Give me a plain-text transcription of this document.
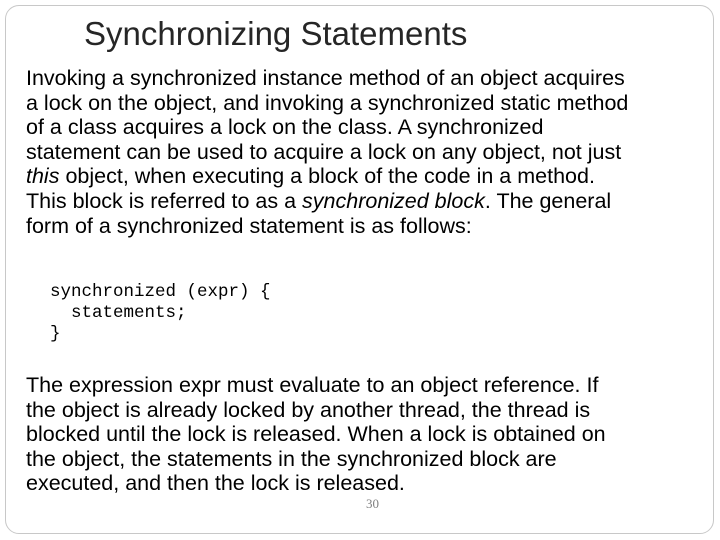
Synchronizing Statements
Invoking a synchronized instance method of an object acquires
a lock on the object, and invoking a synchronized static method
of a class acquires a lock on the class. A synchronized
statement can be used to acquire a lock on any object, not just
this object, when executing a block of the code in a method.
This block is referred to as a synchronized block. The general
form of a synchronized statement is as follows:
synchronized (expr) {
statements;
}
The expression expr must evaluate to an object reference. If
the object is already locked by another thread, the thread is
blocked until the lock is released. When a lock is obtained on
the object, the statements in the synchronized block are
executed, and then the lock is released.
30
